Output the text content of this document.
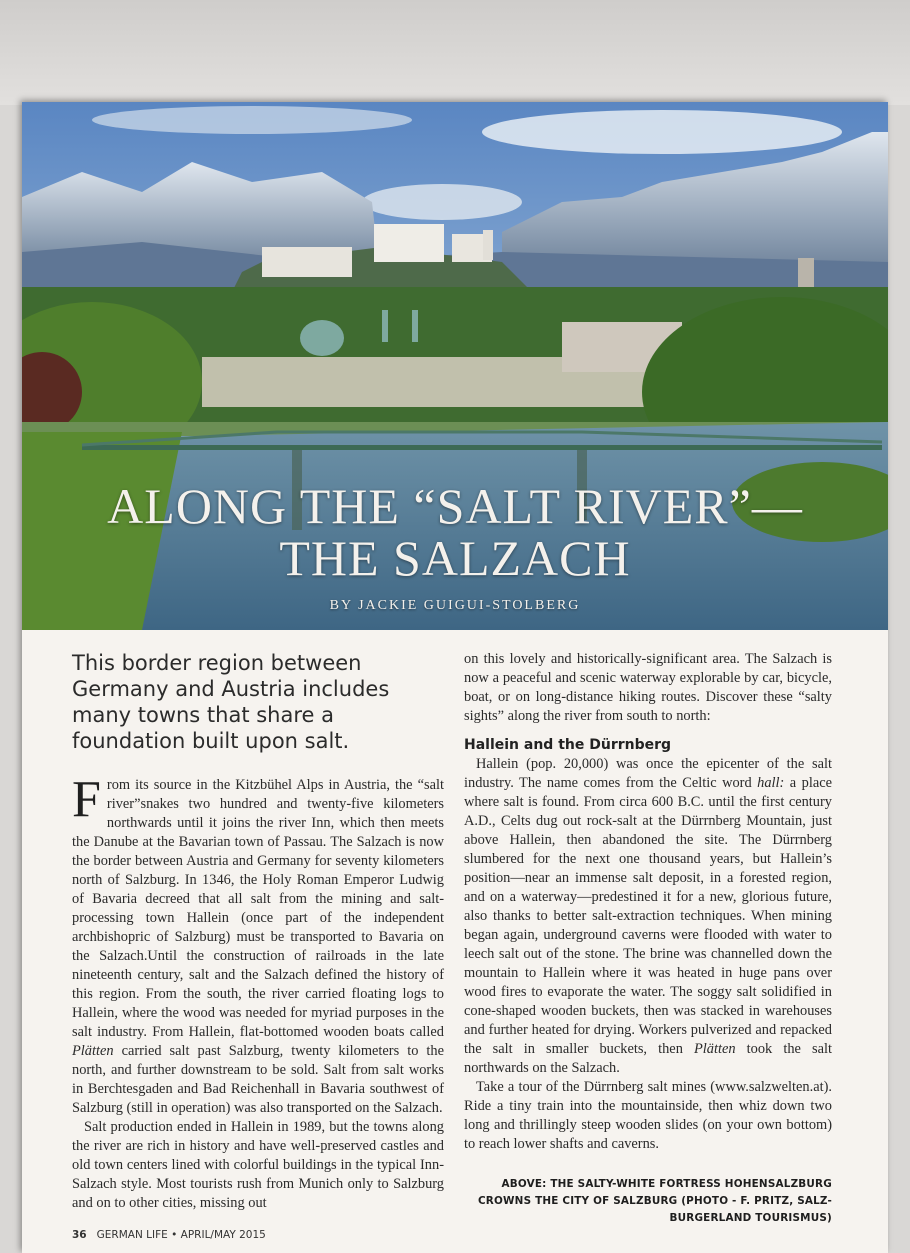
ALONG THE “SALT RIVER”—
THE SALZACH
BY JACKIE GUIGUI-STOLBERG

This border region between Germany and Austria includes many towns that share a foundation built upon salt.

From its source in the Kitzbühel Alps in Austria, the “salt river”snakes two hundred and twenty-five kilometers northwards until it joins the river Inn, which then meets the Danube at the Bavarian town of Passau. The Salzach is now the border between Austria and Germany for seventy kilometers north of Salzburg. In 1346, the Holy Roman Emperor Ludwig of Bavaria decreed that all salt from the mining and salt-processing town Hallein (once part of the independent archbishopric of Salzburg) must be transported to Bavaria on the Salzach.Until the construction of railroads in the late nineteenth century, salt and the Salzach defined the history of this region. From the south, the river carried floating logs to Hallein, where the wood was needed for myriad purposes in the salt industry. From Hallein, flat-bottomed wooden boats called Plätten carried salt past Salzburg, twenty kilometers to the north, and further downstream to be sold. Salt from salt works in Berchtesgaden and Bad Reichenhall in Bavaria southwest of Salzburg (still in operation) was also transported on the Salzach.

Salt production ended in Hallein in 1989, but the towns along the river are rich in history and have well-preserved castles and old town centers lined with colorful buildings in the typical Inn-Salzach style. Most tourists rush from Munich only to Salzburg and on to other cities, missing out

on this lovely and historically-significant area. The Salzach is now a peaceful and scenic waterway explorable by car, bicycle, boat, or on long-distance hiking routes. Discover these “salty sights” along the river from south to north:

Hallein and the Dürrnberg

Hallein (pop. 20,000) was once the epicenter of the salt industry. The name comes from the Celtic word hall: a place where salt is found. From circa 600 B.C. until the first century A.D., Celts dug out rock-salt at the Dürrnberg Mountain, just above Hallein, then abandoned the site. The Dürrnberg slumbered for the next one thousand years, but Hallein’s position—near an immense salt deposit, in a forested region, and on a waterway—predestined it for a new, glorious future, also thanks to better salt-extraction techniques. When mining began again, underground caverns were flooded with water to leech salt out of the stone. The brine was channelled down the mountain to Hallein where it was heated in huge pans over wood fires to evaporate the water. The soggy salt solidified in cone-shaped wooden buckets, then was stacked in warehouses and further heated for drying. Workers pulverized and repacked the salt in smaller buckets, then Plätten took the salt northwards on the Salzach.

Take a tour of the Dürrnberg salt mines (www.salzwelten.at). Ride a tiny train into the mountainside, then whiz down two long and thrillingly steep wooden slides (on your own bottom) to reach lower shafts and caverns.

ABOVE: THE SALTY-WHITE FORTRESS HOHENSALZBURG
CROWNS THE CITY OF SALZBURG (PHOTO - F. PRITZ, SALZ-
BURGERLAND TOURISMUS)
36 GERMAN LIFE • APRIL/MAY 2015
